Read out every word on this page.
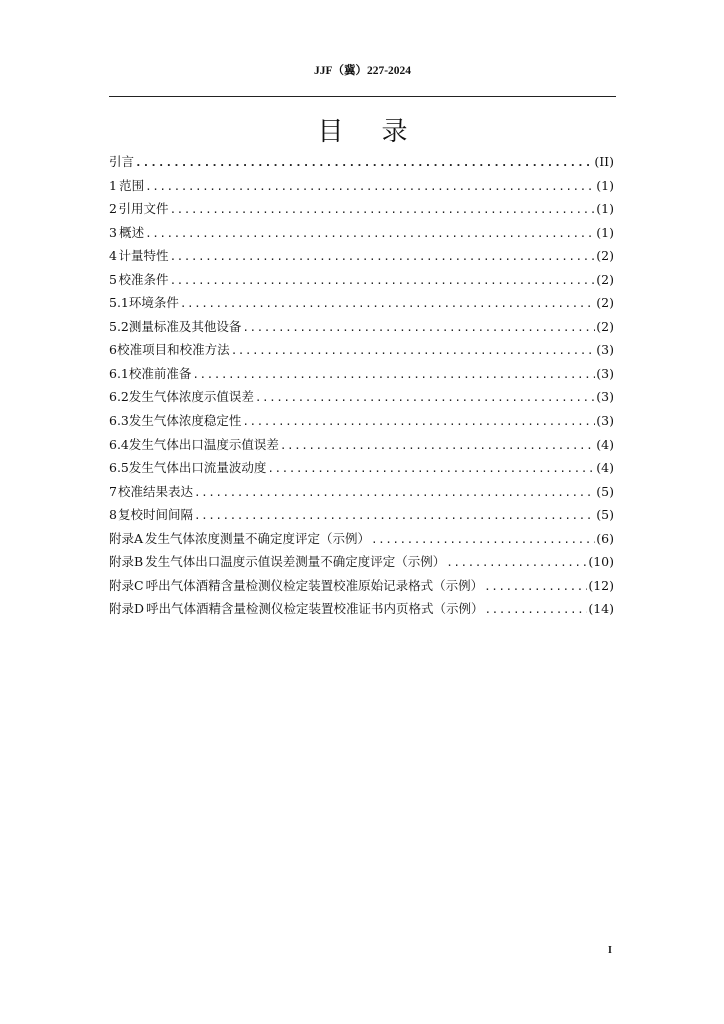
JJF（冀）227-2024
目录
引言 .....	(II)
1 范围 .....	(1)
2 引用文件 .....	(1)
3 概述 .....	(1)
4 计量特性 .....	(2)
5 校准条件 .....	(2)
5.1 环境条件 .....	(2)
5.2 测量标准及其他设备 .....	(2)
6 校准项目和校准方法 .....	(3)
6.1 校准前准备 .....	(3)
6.2 发生气体浓度示值误差 .....	(3)
6.3 发生气体浓度稳定性 .....	(3)
6.4 发生气体出口温度示值误差 .....	(4)
6.5 发生气体出口流量波动度 .....	(4)
7 校准结果表达 .....	(5)
8 复校时间间隔 .....	(5)
附录A 发生气体浓度测量不确定度评定（示例） .....	(6)
附录B 发生气体出口温度示值误差测量不确定度评定（示例） .....	(10)
附录C 呼出气体酒精含量检测仪检定装置校准原始记录格式（示例） .....	(12)
附录D 呼出气体酒精含量检测仪检定装置校准证书内页格式（示例） .....	(14)
I
